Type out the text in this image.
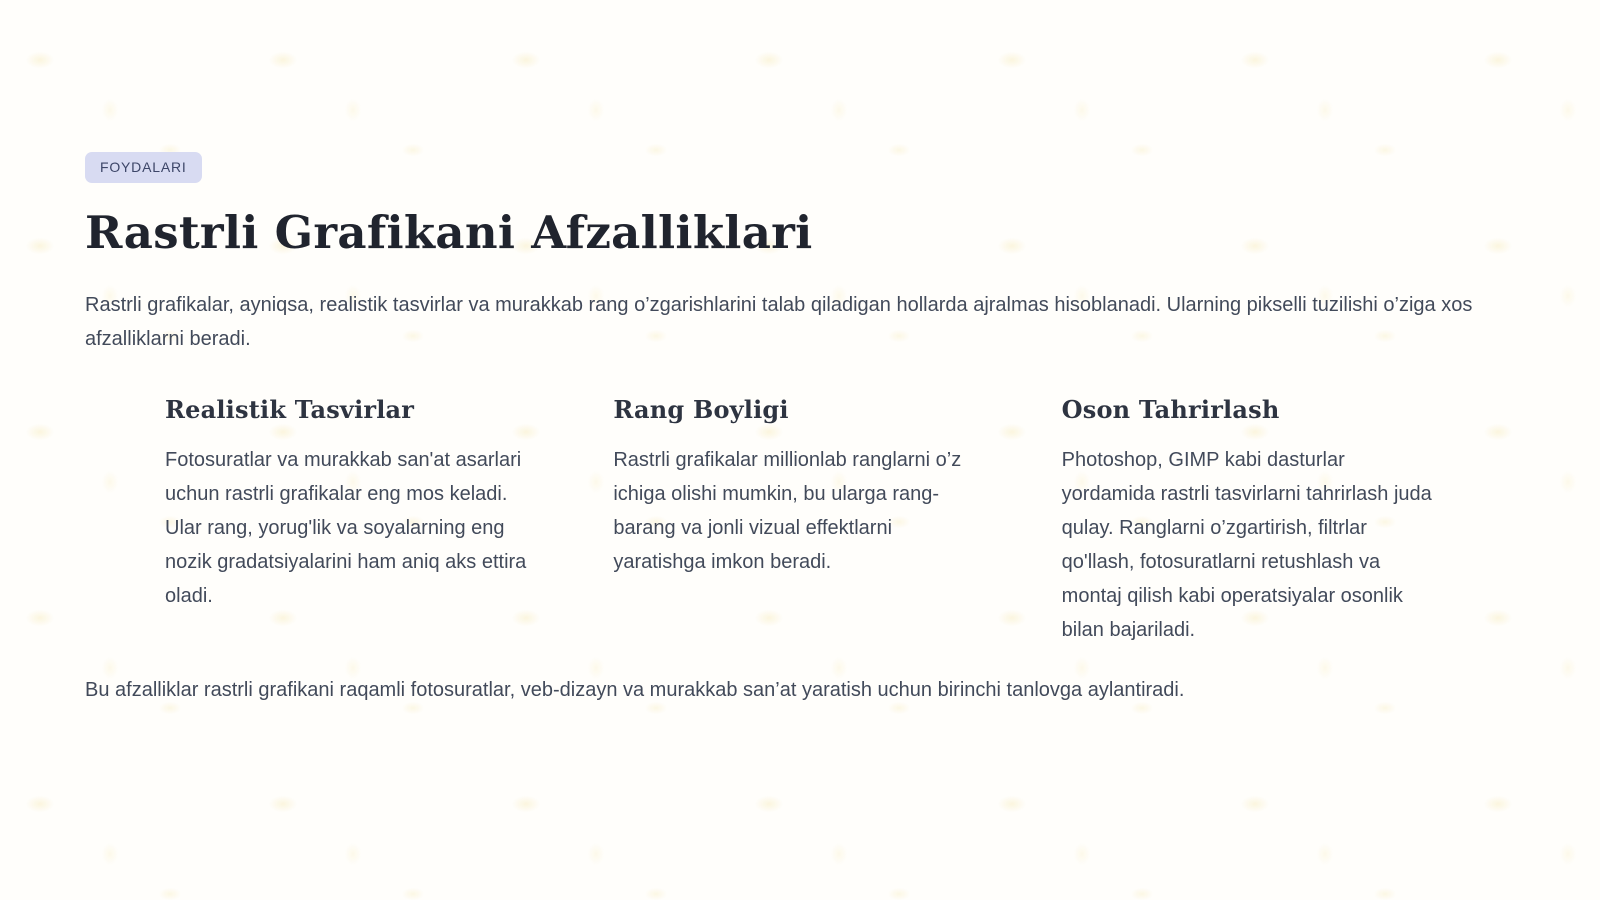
FOYDALARI
Rastrli Grafikani Afzalliklari

Rastrli grafikalar, ayniqsa, realistik tasvirlar va murakkab rang o’zgarishlarini talab qiladigan hollarda ajralmas hisoblanadi. Ularning pikselli tuzilishi o’ziga xos afzalliklarni beradi.

Realistik Tasvirlar

Fotosuratlar va murakkab san'at asarlari uchun rastrli grafikalar eng mos keladi. Ular rang, yorug'lik va soyalarning eng nozik gradatsiyalarini ham aniq aks ettira oladi.

Rang Boyligi

Rastrli grafikalar millionlab ranglarni o’z ichiga olishi mumkin, bu ularga rang-barang va jonli vizual effektlarni yaratishga imkon beradi.

Oson Tahrirlash

Photoshop, GIMP kabi dasturlar yordamida rastrli tasvirlarni tahrirlash juda qulay. Ranglarni o’zgartirish, filtrlar qo'llash, fotosuratlarni retushlash va montaj qilish kabi operatsiyalar osonlik bilan bajariladi.

Bu afzalliklar rastrli grafikani raqamli fotosuratlar, veb-dizayn va murakkab san’at yaratish uchun birinchi tanlovga aylantiradi.
